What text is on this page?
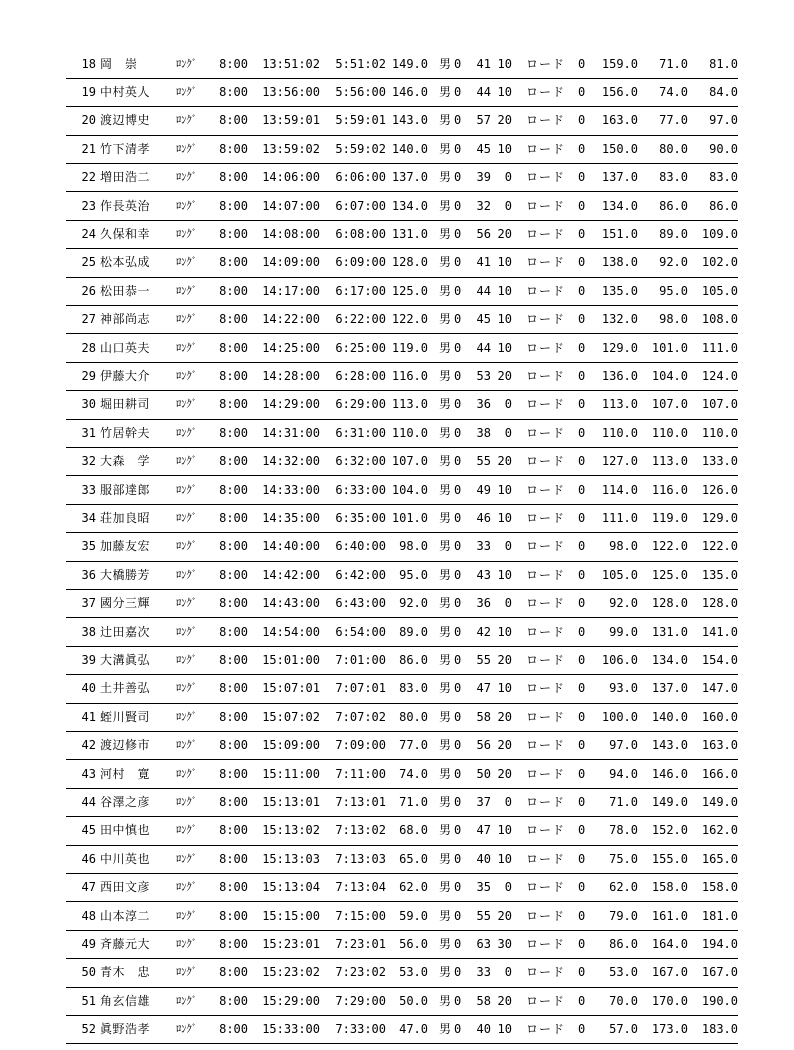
18 岡　崇	ﾛﾝｸﾞ	8:00	13:51:02	5:51:02 149.0 男 0	41 10 ロード	0	159.0	71.0	81.0
19 中村英人	ﾛﾝｸﾞ	8:00	13:56:00	5:56:00 146.0 男 0	44 10 ロード	0	156.0	74.0	84.0
20 渡辺博史	ﾛﾝｸﾞ	8:00	13:59:01	5:59:01 143.0 男 0	57 20 ロード	0	163.0	77.0	97.0
21 竹下清孝	ﾛﾝｸﾞ	8:00	13:59:02	5:59:02 140.0 男 0	45 10 ロード	0	150.0	80.0	90.0
22 増田浩二	ﾛﾝｸﾞ	8:00	14:06:00	6:06:00 137.0 男 0	39	0 ロード	0	137.0	83.0	83.0
23 作長英治	ﾛﾝｸﾞ	8:00	14:07:00	6:07:00 134.0 男 0	32	0 ロード	0	134.0	86.0	86.0
24 久保和幸	ﾛﾝｸﾞ	8:00	14:08:00	6:08:00 131.0 男 0	56 20 ロード	0	151.0	89.0	109.0
25 松本弘成	ﾛﾝｸﾞ	8:00	14:09:00	6:09:00 128.0 男 0	41 10 ロード	0	138.0	92.0	102.0
26 松田恭一	ﾛﾝｸﾞ	8:00	14:17:00	6:17:00 125.0 男 0	44 10 ロード	0	135.0	95.0	105.0
27 神部尚志	ﾛﾝｸﾞ	8:00	14:22:00	6:22:00 122.0 男 0	45 10 ロード	0	132.0	98.0	108.0
28 山口英夫	ﾛﾝｸﾞ	8:00	14:25:00	6:25:00 119.0 男 0	44 10 ロード	0	129.0	101.0	111.0
29 伊藤大介	ﾛﾝｸﾞ	8:00	14:28:00	6:28:00 116.0 男 0	53 20 ロード	0	136.0	104.0	124.0
30 堀田耕司	ﾛﾝｸﾞ	8:00	14:29:00	6:29:00 113.0 男 0	36	0 ロード	0	113.0	107.0	107.0
31 竹居幹夫	ﾛﾝｸﾞ	8:00	14:31:00	6:31:00 110.0 男 0	38	0 ロード	0	110.0	110.0	110.0
32 大森　学	ﾛﾝｸﾞ	8:00	14:32:00	6:32:00 107.0 男 0	55 20 ロード	0	127.0	113.0	133.0
33 服部達郎	ﾛﾝｸﾞ	8:00	14:33:00	6:33:00 104.0 男 0	49 10 ロード	0	114.0	116.0	126.0
34 荘加良昭	ﾛﾝｸﾞ	8:00	14:35:00	6:35:00 101.0 男 0	46 10 ロード	0	111.0	119.0	129.0
35 加藤友宏	ﾛﾝｸﾞ	8:00	14:40:00	6:40:00	98.0 男 0	33	0 ロード	0	98.0	122.0	122.0
36 大橋勝芳	ﾛﾝｸﾞ	8:00	14:42:00	6:42:00	95.0 男 0	43 10 ロード	0	105.0	125.0	135.0
37 國分三輝	ﾛﾝｸﾞ	8:00	14:43:00	6:43:00	92.0 男 0	36	0 ロード	0	92.0	128.0	128.0
38 辻田嘉次	ﾛﾝｸﾞ	8:00	14:54:00	6:54:00	89.0 男 0	42 10 ロード	0	99.0	131.0	141.0
39 大溝眞弘	ﾛﾝｸﾞ	8:00	15:01:00	7:01:00	86.0 男 0	55 20 ロード	0	106.0	134.0	154.0
40 土井善弘	ﾛﾝｸﾞ	8:00	15:07:01	7:07:01	83.0 男 0	47 10 ロード	0	93.0	137.0	147.0
41 蛭川賢司	ﾛﾝｸﾞ	8:00	15:07:02	7:07:02	80.0 男 0	58 20 ロード	0	100.0	140.0	160.0
42 渡辺修市	ﾛﾝｸﾞ	8:00	15:09:00	7:09:00	77.0 男 0	56 20 ロード	0	97.0	143.0	163.0
43 河村　寛	ﾛﾝｸﾞ	8:00	15:11:00	7:11:00	74.0 男 0	50 20 ロード	0	94.0	146.0	166.0
44 谷澤之彦	ﾛﾝｸﾞ	8:00	15:13:01	7:13:01	71.0 男 0	37	0 ロード	0	71.0	149.0	149.0
45 田中慎也	ﾛﾝｸﾞ	8:00	15:13:02	7:13:02	68.0 男 0	47 10 ロード	0	78.0	152.0	162.0
46 中川英也	ﾛﾝｸﾞ	8:00	15:13:03	7:13:03	65.0 男 0	40 10 ロード	0	75.0	155.0	165.0
47 西田文彦	ﾛﾝｸﾞ	8:00	15:13:04	7:13:04	62.0 男 0	35	0 ロード	0	62.0	158.0	158.0
48 山本淳二	ﾛﾝｸﾞ	8:00	15:15:00	7:15:00	59.0 男 0	55 20 ロード	0	79.0	161.0	181.0
49 斉藤元大	ﾛﾝｸﾞ	8:00	15:23:01	7:23:01	56.0 男 0	63 30 ロード	0	86.0	164.0	194.0
50 青木　忠	ﾛﾝｸﾞ	8:00	15:23:02	7:23:02	53.0 男 0	33	0 ロード	0	53.0	167.0	167.0
51 角玄信雄	ﾛﾝｸﾞ	8:00	15:29:00	7:29:00	50.0 男 0	58 20 ロード	0	70.0	170.0	190.0
52 眞野浩孝	ﾛﾝｸﾞ	8:00	15:33:00	7:33:00	47.0 男 0	40 10 ロード	0	57.0	173.0	183.0
